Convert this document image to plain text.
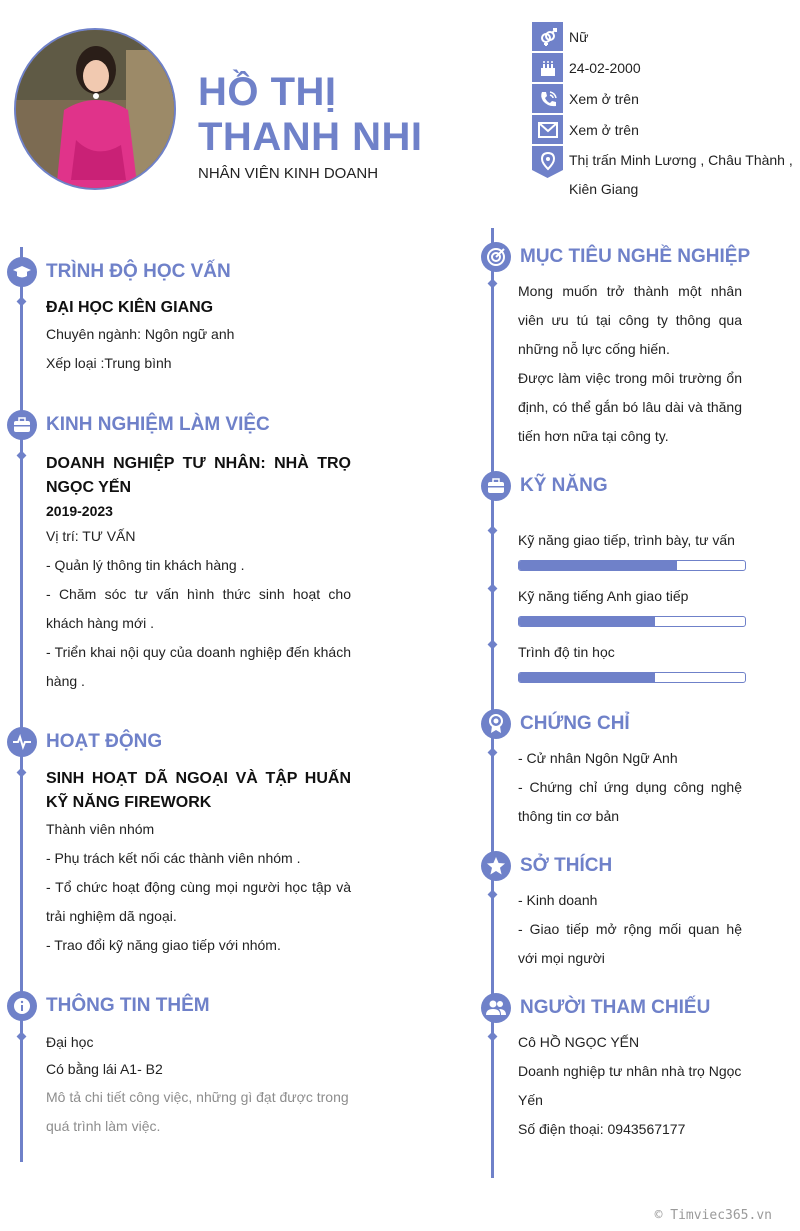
HỒ THỊ
THANH NHI
NHÂN VIÊN KINH DOANH
Nữ
24-02-2000
Xem ở trên
Xem ở trên
Thị trấn Minh Lương , Châu Thành , Kiên Giang
TRÌNH ĐỘ HỌC VẤN
ĐẠI HỌC KIÊN GIANG
Chuyên ngành: Ngôn ngữ anh
Xếp loại :Trung bình
KINH NGHIỆM LÀM VIỆC
DOANH NGHIỆP TƯ NHÂN: NHÀ TRỌ NGỌC YẾN
2019-2023
Vị trí: TƯ VẤN
- Quản lý thông tin khách hàng .
- Chăm sóc tư vấn hình thức sinh hoạt cho khách hàng mới .
- Triển khai nội quy của doanh nghiệp đến khách hàng .
HOẠT ĐỘNG
SINH HOẠT DÃ NGOẠI VÀ TẬP HUẤN KỸ NĂNG FIREWORK
Thành viên nhóm
- Phụ trách kết nối các thành viên nhóm .
- Tổ chức hoạt động cùng mọi người học tập và trải nghiệm dã ngoại.
- Trao đổi kỹ năng giao tiếp với nhóm.
THÔNG TIN THÊM
Đại học
Có bằng lái A1- B2
Mô tả chi tiết công việc, những gì đạt được trong quá trình làm việc.
MỤC TIÊU NGHỀ NGHIỆP
Mong muốn trở thành một nhân viên ưu tú tại công ty thông qua những nỗ lực cống hiến.
Được làm việc trong môi trường ổn định, có thể gắn bó lâu dài và thăng tiến hơn nữa tại công ty.
KỸ NĂNG
Kỹ năng giao tiếp, trình bày, tư vấn
Kỹ năng tiếng Anh giao tiếp
Trình độ tin học
CHỨNG CHỈ
- Cử nhân Ngôn Ngữ Anh
- Chứng chỉ ứng dụng công nghệ thông tin cơ bản
SỞ THÍCH
- Kinh doanh
- Giao tiếp mở rộng mối quan hệ với mọi người
NGƯỜI THAM CHIẾU
Cô HỒ NGỌC YẾN
Doanh nghiệp tư nhân nhà trọ Ngọc Yến
Số điện thoại: 0943567177
© Timviec365.vn
